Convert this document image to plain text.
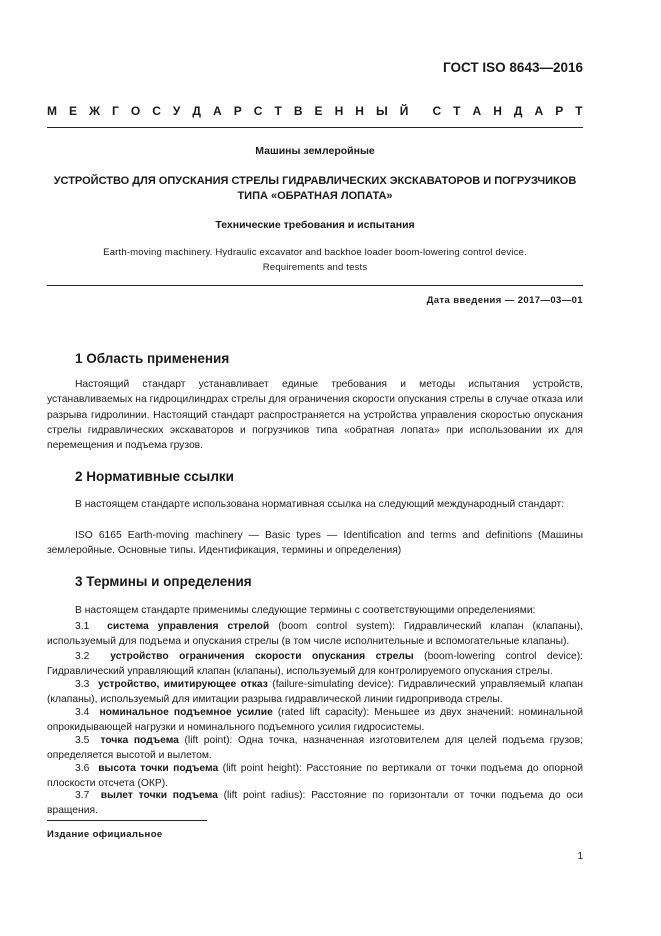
ГОСТ ISO 8643—2016
М Е Ж Г О С У Д А Р С Т В Е Н Н Ы Й С Т А Н Д А Р Т
Машины землеройные
УСТРОЙСТВО ДЛЯ ОПУСКАНИЯ СТРЕЛЫ ГИДРАВЛИЧЕСКИХ ЭКСКАВАТОРОВ И ПОГРУЗЧИКОВ
ТИПА «ОБРАТНАЯ ЛОПАТА»
Технические требования и испытания
Earth-moving machinery. Hydraulic excavator and backhoe loader boom-lowering control device.
Requirements and tests
Дата введения — 2017—03—01
1 Область применения

Настоящий стандарт устанавливает единые требования и методы испытания устройств, устанавливаемых на гидроцилиндрах стрелы для ограничения скорости опускания стрелы в случае отказа или разрыва гидролинии. Настоящий стандарт распространяется на устройства управления скоростью опускания стрелы гидравлических экскаваторов и погрузчиков типа «обратная лопата» при использовании их для перемещения и подъема грузов.

2 Нормативные ссылки

В настоящем стандарте использована нормативная ссылка на следующий международный стандарт:

ISO 6165 Earth-moving machinery — Basic types — Identification and terms and definitions (Машины землеройные. Основные типы. Идентификация, термины и определения)

3 Термины и определения

В настоящем стандарте применимы следующие термины с соответствующими определениями:

3.1 система управления стрелой (boom control system): Гидравлический клапан (клапаны), используемый для подъема и опускания стрелы (в том числе исполнительные и вспомогательные клапаны).

3.2 устройство ограничения скорости опускания стрелы (boom-lowering control device): Гидравлический управляющий клапан (клапаны), используемый для контролируемого опускания стрелы.

3.3 устройство, имитирующее отказ (failure-simulating device): Гидравлический управляемый клапан (клапаны), используемый для имитации разрыва гидравлической линии гидропривода стрелы.

3.4 номинальное подъемное усилие (rated lift capacity): Меньшее из двух значений: номинальной опрокидывающей нагрузки и номинального подъемного усилия гидросистемы.

3.5 точка подъема (lift point): Одна точка, назначенная изготовителем для целей подъема грузов; определяется высотой и вылетом.

3.6 высота точки подъема (lift point height): Расстояние по вертикали от точки подъема до опорной плоскости отсчета (ОКР).

3.7 вылет точки подъема (lift point radius): Расстояние по горизонтали от точки подъема до оси вращения.

Издание официальное
1
